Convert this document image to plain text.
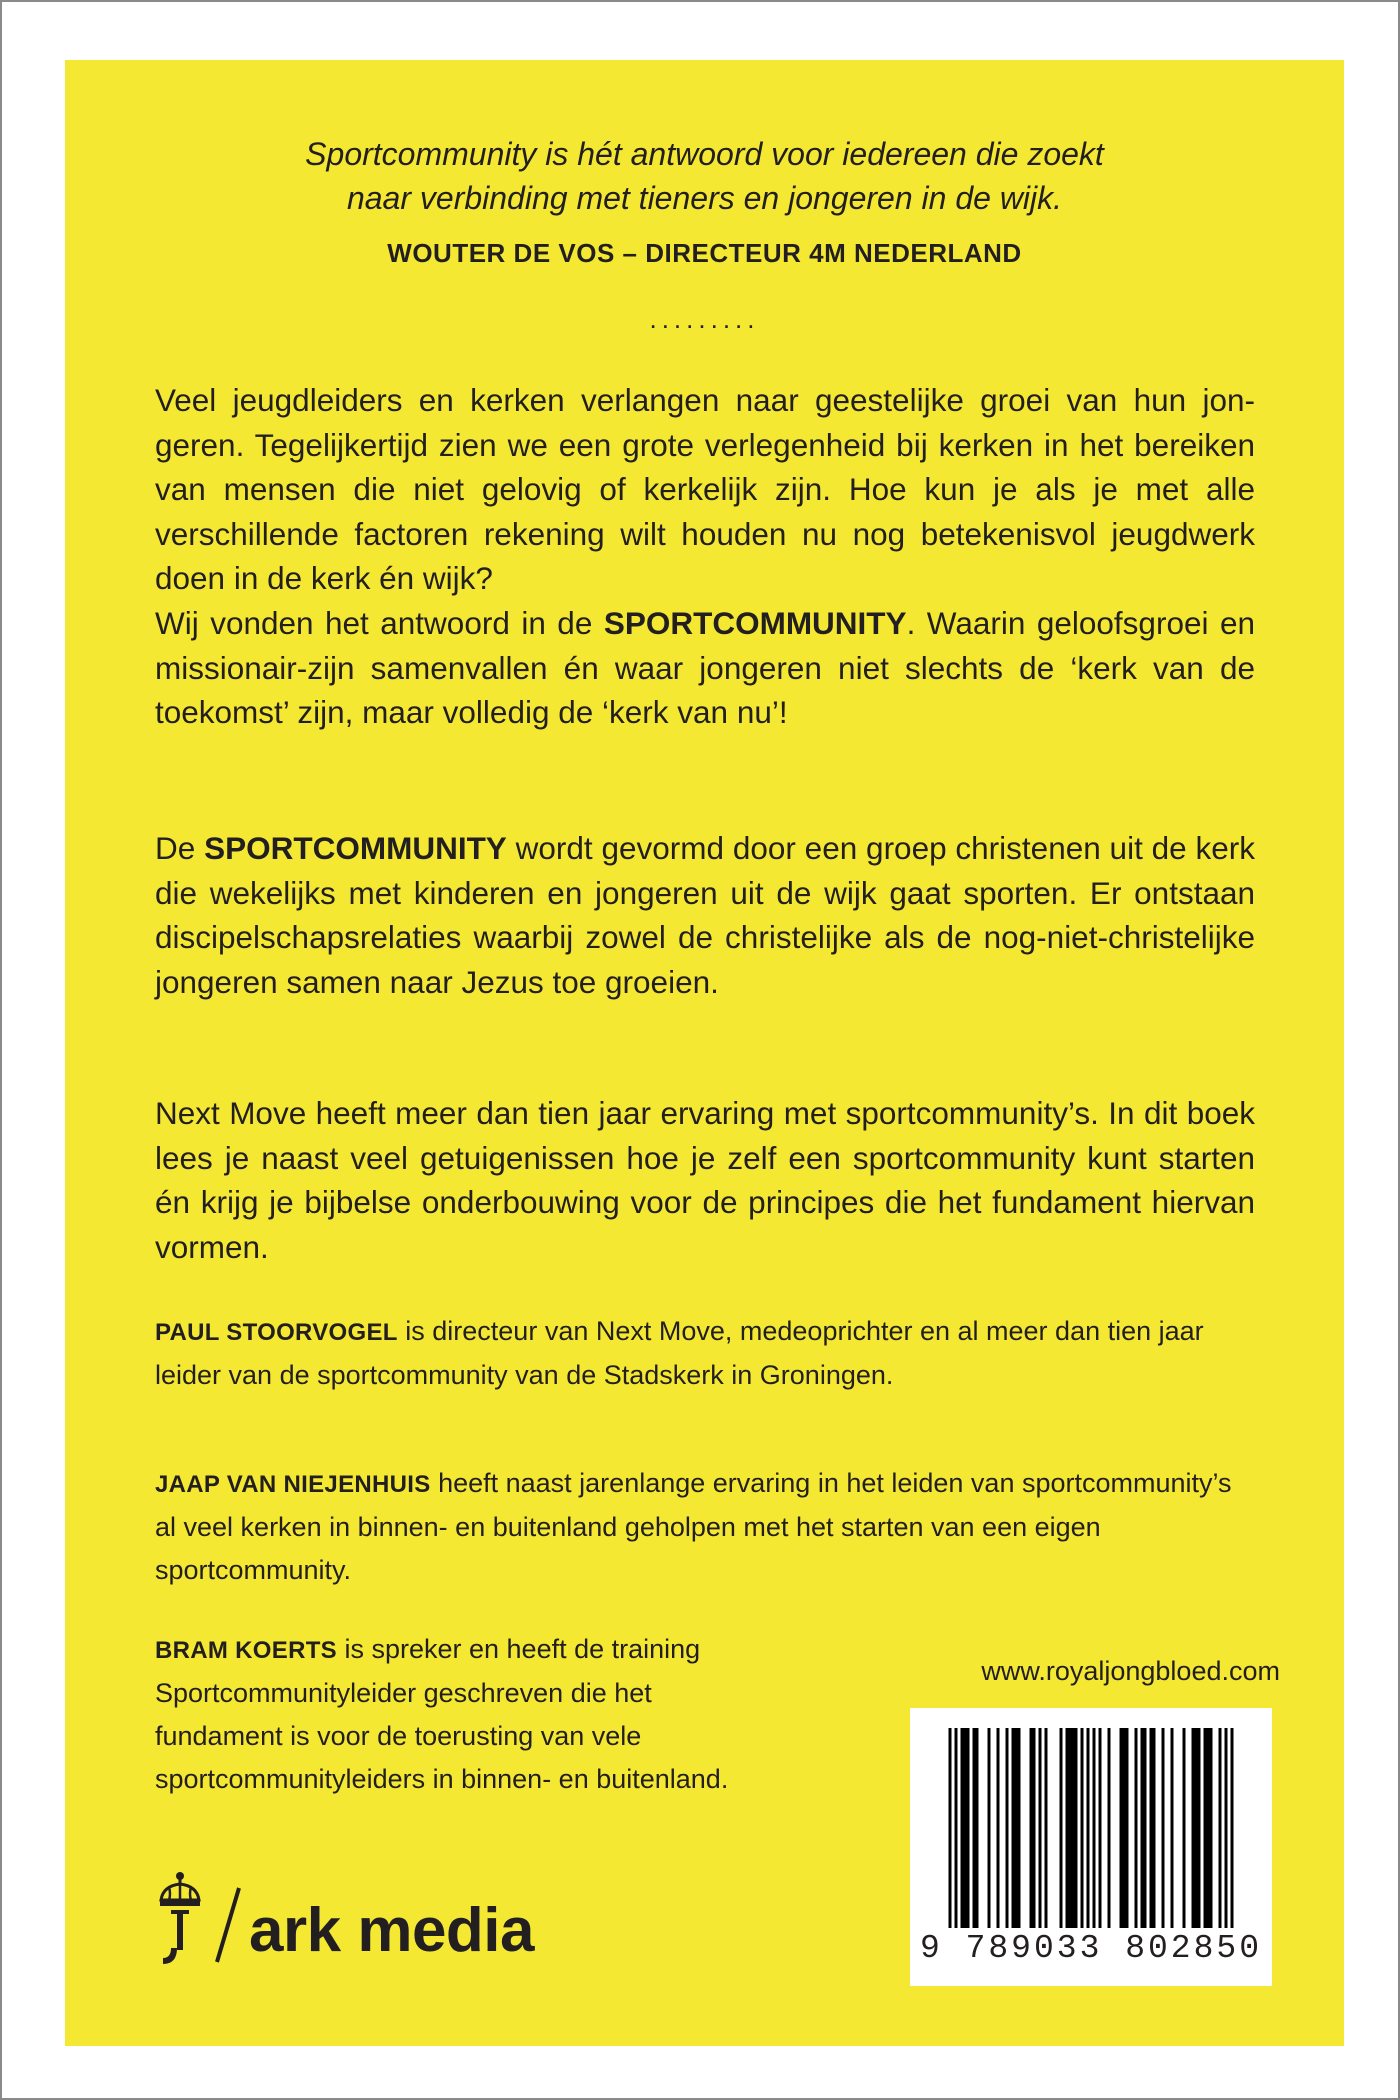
Sportcommunity is hét antwoord voor iedereen die zoekt
naar verbinding met tieners en jongeren in de wijk.
WOUTER DE VOS – DIRECTEUR 4M NEDERLAND
.........

Veel jeugdleiders en kerken verlangen naar geestelijke groei van hun jongeren. Tegelijkertijd zien we een grote verlegenheid bij kerken in het bereiken van mensen die niet gelovig of kerkelijk zijn. Hoe kun je als je met alle verschillende factoren rekening wilt houden nu nog betekenisvol jeugdwerk doen in de kerk én wijk?

Wij vonden het antwoord in de SPORTCOMMUNITY. Waarin geloofsgroei en missionair-zijn samenvallen én waar jongeren niet slechts de ‘kerk van de toekomst’ zijn, maar volledig de ‘kerk van nu’!

De SPORTCOMMUNITY wordt gevormd door een groep christenen uit de kerk die wekelijks met kinderen en jongeren uit de wijk gaat sporten. Er ontstaan discipelschapsrelaties waarbij zowel de christelijke als de nog-niet-christelijke jongeren samen naar Jezus toe groeien.

Next Move heeft meer dan tien jaar ervaring met sportcommunity’s. In dit boek lees je naast veel getuigenissen hoe je zelf een sportcommunity kunt starten én krijg je bijbelse onderbouwing voor de principes die het fundament hiervan vormen.

PAUL STOORVOGEL is directeur van Next Move, medeoprichter en al meer dan tien jaar
leider van de sportcommunity van de Stadskerk in Groningen.
JAAP VAN NIEJENHUIS heeft naast jarenlange ervaring in het leiden van sportcommunity’s
al veel kerken in binnen- en buitenland geholpen met het starten van een eigen
sportcommunity.
BRAM KOERTS is spreker en heeft de training
Sportcommunityleider geschreven die het
fundament is voor de toerusting van vele
sportcommunityleiders in binnen- en buitenland.
www.royaljongbloed.com
9 789033 802850
ark media
